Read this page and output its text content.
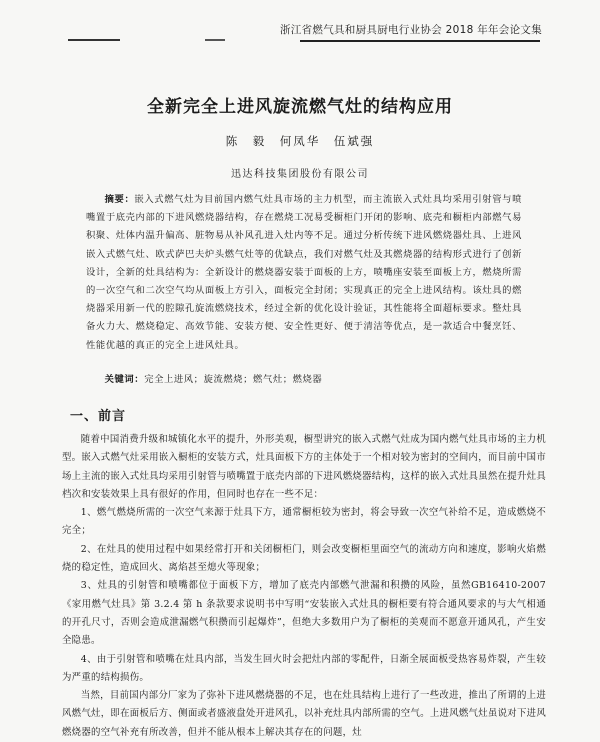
浙江省燃气具和厨具厨电行业协会 2018 年年会论文集
全新完全上进风旋流燃气灶的结构应用
陈　毅　何凤华　伍斌强
迅达科技集团股份有限公司
摘要：嵌入式燃气灶为目前国内燃气灶具市场的主力机型，而主流嵌入式灶具均采用引射管与喷嘴置于底壳内部的下进风燃烧器结构，存在燃烧工况易受橱柜门开闭的影响、底壳和橱柜内部燃气易积聚、灶体内温升偏高、脏物易从补风孔进入灶内等不足。通过分析传统下进风燃烧器灶具、上进风嵌入式燃气灶、欧式萨巴夫炉头燃气灶等的优缺点，我们对燃气灶及其燃烧器的结构形式进行了创新设计，全新的灶具结构为：全新设计的燃烧器安装于面板的上方，喷嘴座安装至面板上方，燃烧所需的一次空气和二次空气均从面板上方引入，面板完全封闭；实现真正的完全上进风结构。该灶具的燃烧器采用新一代的腔隙孔旋流燃烧技术，经过全新的优化设计验证，其性能将全面超标要求。整灶具备火力大、燃烧稳定、高效节能、安装方便、安全性更好、便于清洁等优点，是一款适合中餐烹饪、性能优越的真正的完全上进风灶具。
关键词：完全上进风；旋流燃烧；燃气灶；燃烧器
一、前言

随着中国消费升级和城镇化水平的提升，外形美观，橱型讲究的嵌入式燃气灶成为国内燃气灶具市场的主力机型。嵌入式燃气灶采用嵌入橱柜的安装方式，灶具面板下方的主体处于一个相对较为密封的空间内，而目前中国市场上主流的嵌入式灶具均采用引射管与喷嘴置于底壳内部的下进风燃烧器结构，这样的嵌入式灶具虽然在提升灶具档次和安装效果上具有很好的作用，但同时也存在一些不足：

1、燃气燃烧所需的一次空气来源于灶具下方，通常橱柜较为密封，将会导致一次空气补给不足，造成燃烧不完全；

2、在灶具的使用过程中如果经常打开和关闭橱柜门，则会改变橱柜里面空气的流动方向和速度，影响火焰燃烧的稳定性，造成回火、离焰甚至熄火等现象；

3、灶具的引射管和喷嘴都位于面板下方，增加了底壳内部燃气泄漏和积攒的风险，虽然GB16410-2007《家用燃气灶具》第 3.2.4 第 h 条款要求说明书中写明“安装嵌入式灶具的橱柜要有符合通风要求的与大气相通的开孔尺寸，否则会造成泄漏燃气积攒而引起爆炸”，但绝大多数用户为了橱柜的美观而不愿意开通风孔，产生安全隐患。

4、由于引射管和喷嘴在灶具内部，当发生回火时会把灶内部的零配件，日渐全展面板受热容易炸裂，产生较为严重的结构损伤。

当然，目前国内部分厂家为了弥补下进风燃烧器的不足，也在灶具结构上进行了一些改进，推出了所谓的上进风燃气灶，即在面板后方、侧面或者盛液盘处开进风孔，以补充灶具内部所需的空气。上进风燃气灶虽说对下进风燃烧器的空气补充有所改善，但并不能从根本上解决其存在的问题，灶
